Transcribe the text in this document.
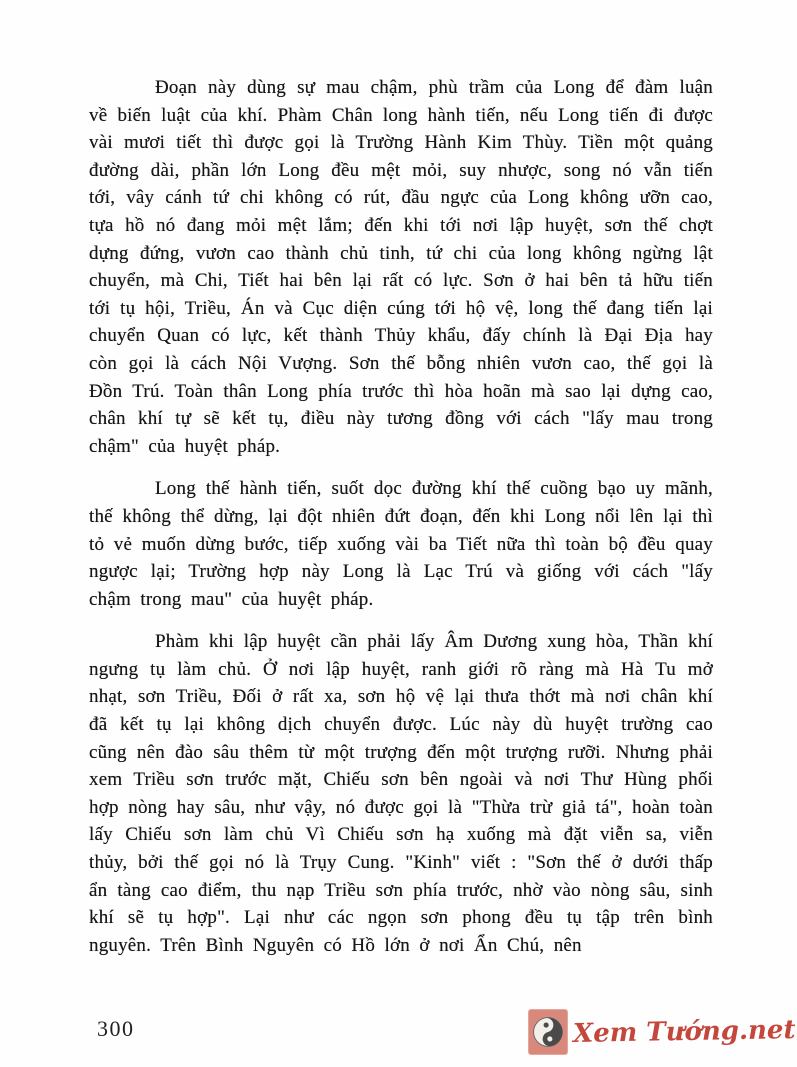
Đoạn này dùng sự mau chậm, phù trầm của Long để đàm luận về biến luật của khí. Phàm Chân long hành tiến, nếu Long tiến đi được vài mươi tiết thì được gọi là Trường Hành Kim Thùy. Tiền một quảng đường dài, phần lớn Long đều mệt mỏi, suy nhược, song nó vẫn tiến tới, vây cánh tứ chi không có rút, đầu ngực của Long không ưỡn cao, tựa hồ nó đang mỏi mệt lắm; đến khi tới nơi lập huyệt, sơn thế chợt dựng đứng, vươn cao thành chủ tinh, tứ chi của long không ngừng lật chuyển, mà Chi, Tiết hai bên lại rất có lực. Sơn ở hai bên tả hữu tiến tới tụ hội, Triều, Án và Cục diện cúng tới hộ vệ, long thế đang tiến lại chuyển Quan có lực, kết thành Thủy khẩu, đấy chính là Đại Địa hay còn gọi là cách Nội Vượng. Sơn thế bỗng nhiên vươn cao, thế gọi là Đồn Trú. Toàn thân Long phía trước thì hòa hoãn mà sao lại dựng cao, chân khí tự sẽ kết tụ, điều này tương đồng với cách "lấy mau trong chậm" của huyệt pháp.

Long thế hành tiến, suốt dọc đường khí thế cuồng bạo uy mãnh, thế không thể dừng, lại đột nhiên đứt đoạn, đến khi Long nổi lên lại thì tỏ vẻ muốn dừng bước, tiếp xuống vài ba Tiết nữa thì toàn bộ đều quay ngược lại; Trường hợp này Long là Lạc Trú và giống với cách "lấy chậm trong mau" của huyệt pháp.

Phàm khi lập huyệt cần phải lấy Âm Dương xung hòa, Thần khí ngưng tụ làm chủ. Ở nơi lập huyệt, ranh giới rõ ràng mà Hà Tu mở nhạt, sơn Triều, Đối ở rất xa, sơn hộ vệ lại thưa thớt mà nơi chân khí đã kết tụ lại không dịch chuyển được. Lúc này dù huyệt trường cao cũng nên đào sâu thêm từ một trượng đến một trượng rưỡi. Nhưng phải xem Triều sơn trước mặt, Chiếu sơn bên ngoài và nơi Thư Hùng phối hợp nòng hay sâu, như vậy, nó được gọi là "Thừa trừ giả tá", hoàn toàn lấy Chiếu sơn làm chủ Vì Chiếu sơn hạ xuống mà đặt viễn sa, viễn thủy, bởi thế gọi nó là Trụy Cung. "Kinh" viết : "Sơn thế ở dưới thấp ẩn tàng cao điểm, thu nạp Triều sơn phía trước, nhờ vào nòng sâu, sinh khí sẽ tụ hợp". Lại như các ngọn sơn phong đều tụ tập trên bình nguyên. Trên Bình Nguyên có Hồ lớn ở nơi Ẩn Chú, nên

300	Xem Tướng.net
